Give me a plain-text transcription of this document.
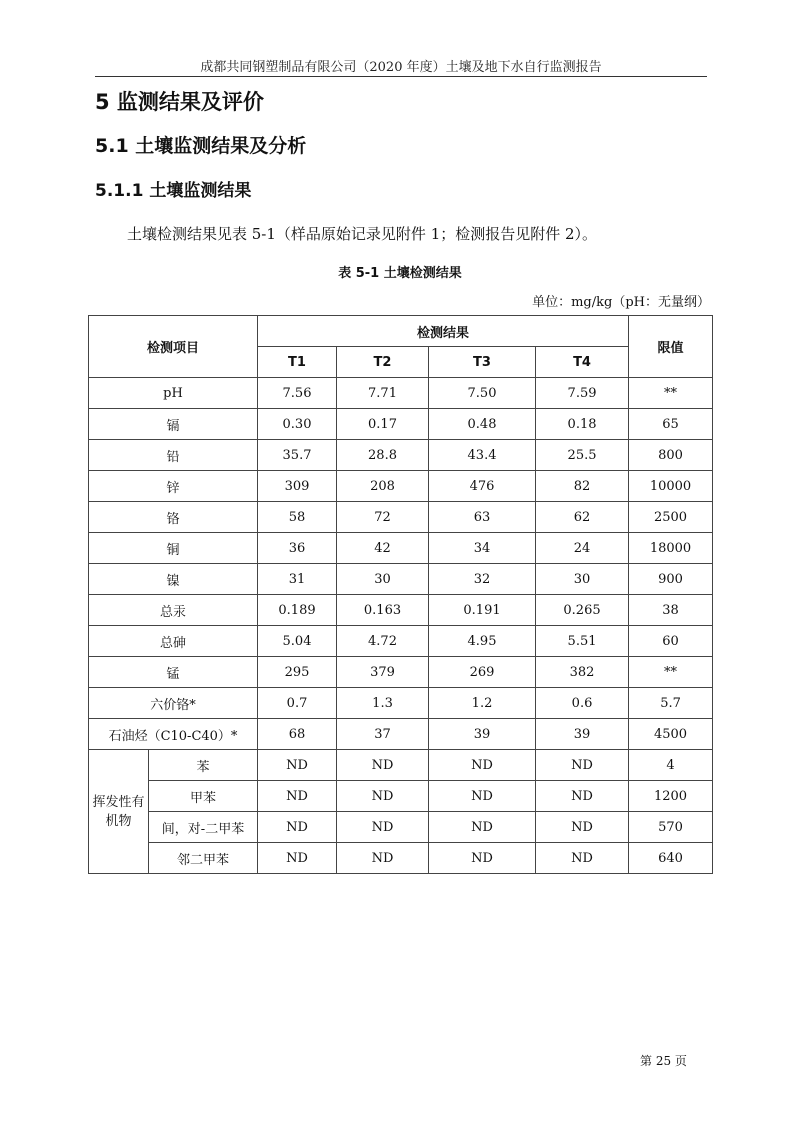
成都共同钢塑制品有限公司（2020 年度）土壤及地下水自行监测报告
5 监测结果及评价
5.1 土壤监测结果及分析
5.1.1 土壤监测结果
土壤检测结果见表 5-1（样品原始记录见附件 1；检测报告见附件 2）。
表 5-1 土壤检测结果
单位：mg/kg（pH：无量纲）
检测项目		检测结果				限值
		T1	T2	T3	T4	
pH		7.56	7.71	7.50	7.59	**
镉		0.30	0.17	0.48	0.18	65
铅		35.7	28.8	43.4	25.5	800
锌		309	208	476	82	10000
铬		58	72	63	62	2500
铜		36	42	34	24	18000
镍		31	30	32	30	900
总汞		0.189	0.163	0.191	0.265	38
总砷		5.04	4.72	4.95	5.51	60
锰		295	379	269	382	**
六价铬*		0.7	1.3	1.2	0.6	5.7
石油烃（C10-C40）*		68	37	39	39	4500
挥发性有机物	苯	ND	ND	ND	ND	4
	甲苯	ND	ND	ND	ND	1200
	间，对-二甲苯	ND	ND	ND	ND	570
	邻二甲苯	ND	ND	ND	ND	640
第 25 页
